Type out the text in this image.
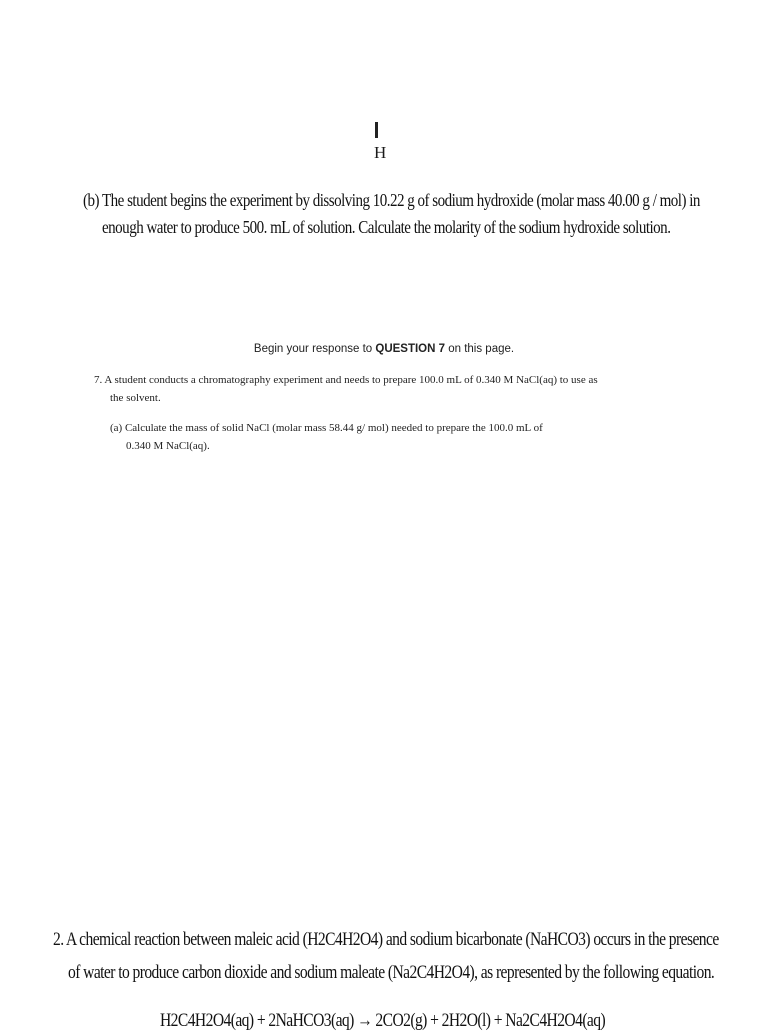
H
(b) The student begins the experiment by dissolving 10.22 g of sodium hydroxide (molar mass 40.00 g / mol) in
enough water to produce 500. mL of solution. Calculate the molarity of the sodium hydroxide solution.
Begin your response to QUESTION 7 on this page.
7. A student conducts a chromatography experiment and needs to prepare 100.0 mL of 0.340 M NaCl(aq) to use as
the solvent.
(a) Calculate the mass of solid NaCl (molar mass 58.44 g/ mol) needed to prepare the 100.0 mL of
0.340 M NaCl(aq).
2. A chemical reaction between maleic acid (H2C4H2O4) and sodium bicarbonate (NaHCO3) occurs in the presence
of water to produce carbon dioxide and sodium maleate (Na2C4H2O4), as represented by the following equation.
H2C4H2O4(aq) + 2NaHCO3(aq) → 2CO2(g) + 2H2O(l) + Na2C4H2O4(aq)
